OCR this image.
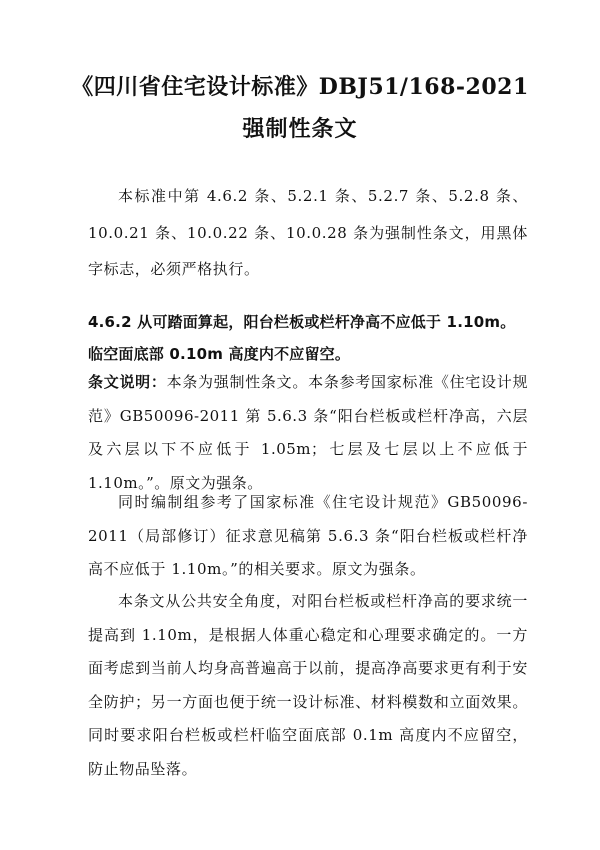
《四川省住宅设计标准》DBJ51/168-2021
强制性条文
本标准中第 4.6.2 条、5.2.1 条、5.2.7 条、5.2.8 条、10.0.21 条、10.0.22 条、10.0.28 条为强制性条文，用黑体字标志，必须严格执行。
4.6.2 从可踏面算起，阳台栏板或栏杆净高不应低于 1.10m。临空面底部 0.10m 高度内不应留空。
条文说明：本条为强制性条文。本条参考国家标准《住宅设计规范》GB50096-2011 第 5.6.3 条“阳台栏板或栏杆净高，六层及六层以下不应低于 1.05m；七层及七层以上不应低于 1.10m。”。原文为强条。
同时编制组参考了国家标准《住宅设计规范》GB50096-2011（局部修订）征求意见稿第 5.6.3 条“阳台栏板或栏杆净高不应低于 1.10m。”的相关要求。原文为强条。
本条文从公共安全角度，对阳台栏板或栏杆净高的要求统一提高到 1.10m，是根据人体重心稳定和心理要求确定的。一方面考虑到当前人均身高普遍高于以前，提高净高要求更有利于安全防护；另一方面也便于统一设计标准、材料模数和立面效果。同时要求阳台栏板或栏杆临空面底部 0.1m 高度内不应留空，防止物品坠落。
